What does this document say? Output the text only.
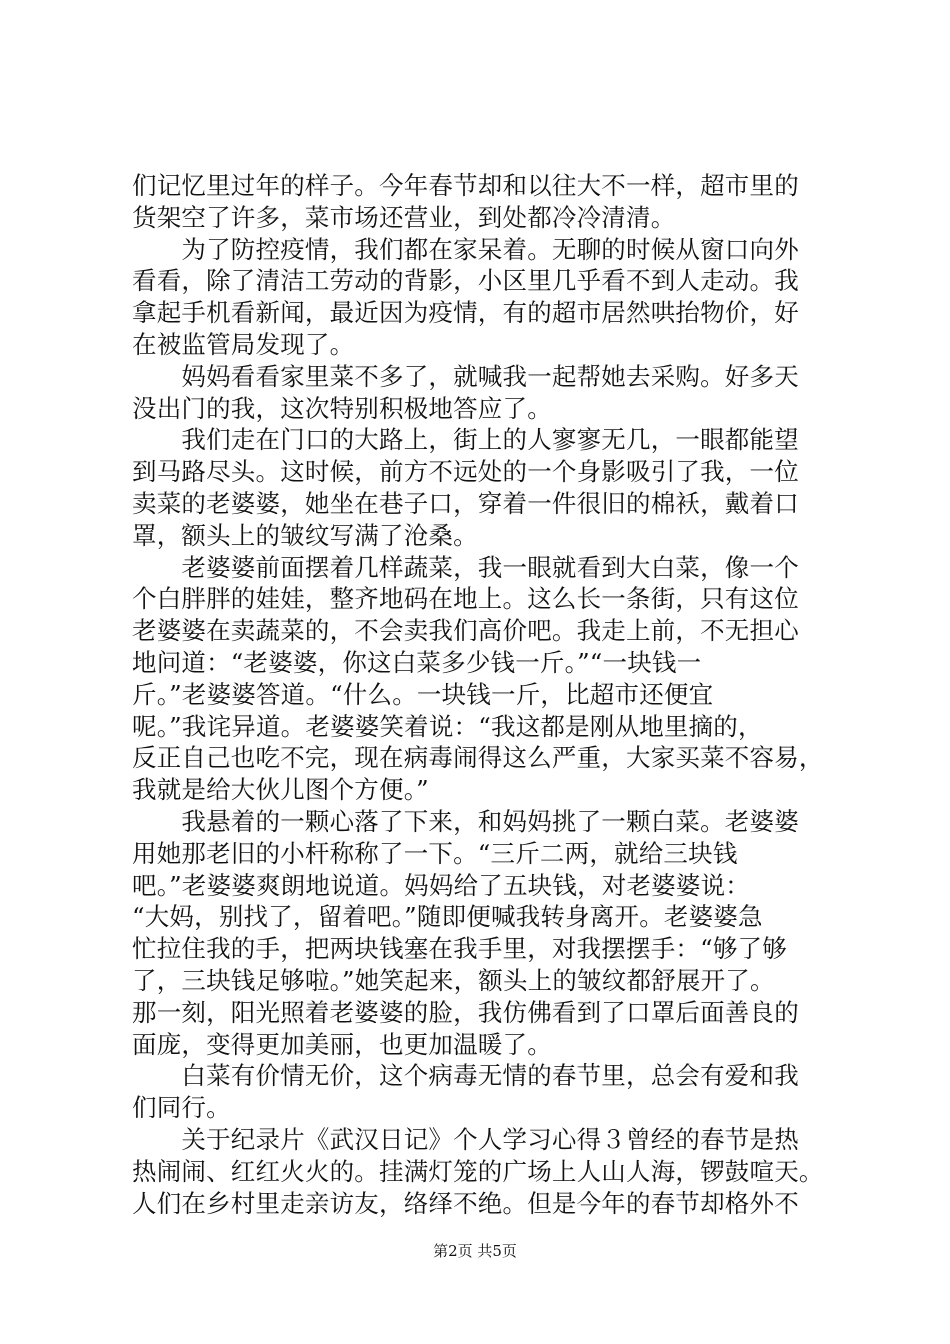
们记忆里过年的样子。今年春节却和以往大不一样，超市里的
货架空了许多，菜市场还营业，到处都冷冷清清。
　　为了防控疫情，我们都在家呆着。无聊的时候从窗口向外
看看，除了清洁工劳动的背影，小区里几乎看不到人走动。我
拿起手机看新闻，最近因为疫情，有的超市居然哄抬物价，好
在被监管局发现了。
　　妈妈看看家里菜不多了，就喊我一起帮她去采购。好多天
没出门的我，这次特别积极地答应了。
　　我们走在门口的大路上，街上的人寥寥无几，一眼都能望
到马路尽头。这时候，前方不远处的一个身影吸引了我，一位
卖菜的老婆婆，她坐在巷子口，穿着一件很旧的棉袄，戴着口
罩，额头上的皱纹写满了沧桑。
　　老婆婆前面摆着几样蔬菜，我一眼就看到大白菜，像一个
个白胖胖的娃娃，整齐地码在地上。这么长一条街，只有这位
老婆婆在卖蔬菜的，不会卖我们高价吧。我走上前，不无担心
地问道：“老婆婆，你这白菜多少钱一斤。”“一块钱一
斤。”老婆婆答道。“什么。一块钱一斤，比超市还便宜
呢。”我诧异道。老婆婆笑着说：“我这都是刚从地里摘的，
反正自己也吃不完，现在病毒闹得这么严重，大家买菜不容易，
我就是给大伙儿图个方便。”
　　我悬着的一颗心落了下来，和妈妈挑了一颗白菜。老婆婆
用她那老旧的小杆称称了一下。“三斤二两，就给三块钱
吧。”老婆婆爽朗地说道。妈妈给了五块钱，对老婆婆说：
“大妈，别找了，留着吧。”随即便喊我转身离开。老婆婆急
忙拉住我的手，把两块钱塞在我手里，对我摆摆手：“够了够
了，三块钱足够啦。”她笑起来，额头上的皱纹都舒展开了。
那一刻，阳光照着老婆婆的脸，我仿佛看到了口罩后面善良的
面庞，变得更加美丽，也更加温暖了。
　　白菜有价情无价，这个病毒无情的春节里，总会有爱和我
们同行。
　　关于纪录片《武汉日记》个人学习心得３曾经的春节是热
热闹闹、红红火火的。挂满灯笼的广场上人山人海，锣鼓喧天。
人们在乡村里走亲访友，络绎不绝。但是今年的春节却格外不
第2页 共5页
